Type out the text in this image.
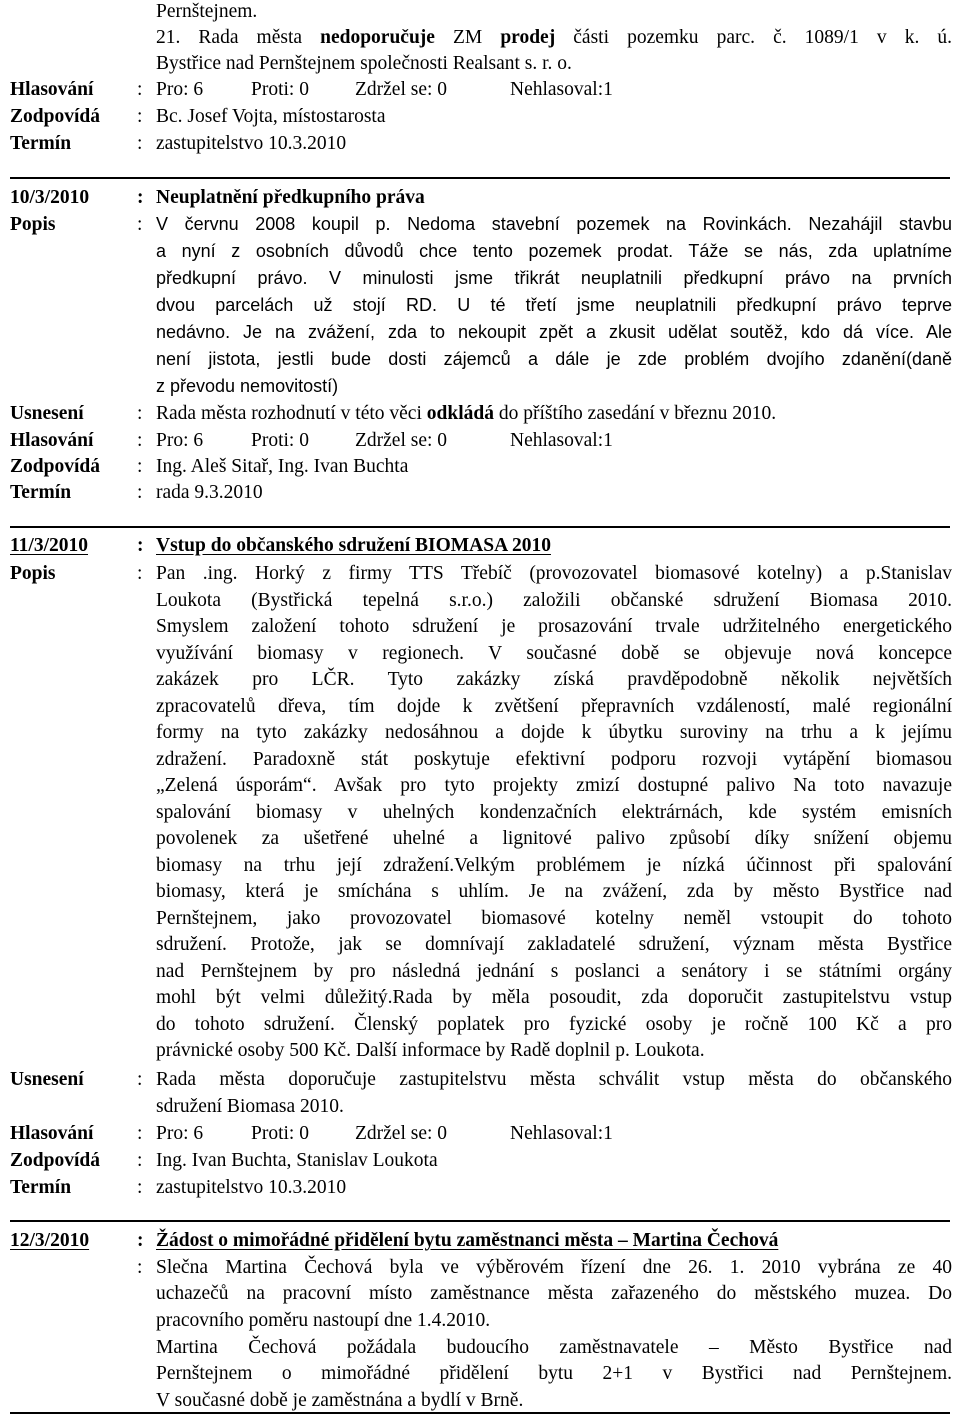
Pernštejnem.
21. Rada města nedoporučuje ZM prodej části pozemku parc. č. 1089/1 v k. ú.
Bystřice nad Pernštejnem společnosti Realsant s. r. o.
Hlasování : Pro: 6 Proti: 0 Zdržel se: 0	Nehlasoval:1
Zodpovídá : Bc. Josef Vojta, místostarosta
Termín	: zastupitelstvo 10.3.2010
10/3/2010 : Neuplatnění předkupního práva
Popis	: V červnu 2008 koupil p. Nedoma stavební pozemek na Rovinkách. Nezahájil stavbu
a nyní z osobních důvodů chce tento pozemek prodat. Táže se nás, zda uplatníme
předkupní právo. V minulosti jsme třikrát neuplatnili předkupní právo na prvních
dvou parcelách už stojí RD. U té třetí jsme neuplatnili předkupní právo teprve
nedávno. Je na zvážení, zda to nekoupit zpět a zkusit udělat soutěž, kdo dá více. Ale
není jistota, jestli bude dosti zájemců a dále je zde problém dvojího zdanění(daně
z převodu nemovitostí)
Usnesení	: Rada města rozhodnutí v této věci odkládá do příštího zasedání v březnu 2010.
Hlasování : Pro: 6 Proti: 0 Zdržel se: 0	Nehlasoval:1
Zodpovídá : Ing. Aleš Sitař, Ing. Ivan Buchta
Termín	: rada 9.3.2010
11/3/2010	: Vstup do občanského sdružení BIOMASA 2010
Popis	: Pan .ing. Horký z firmy TTS Třebíč (provozovatel biomasové kotelny) a p.Stanislav
Loukota (Bystřická tepelná s.r.o.) založili občanské sdružení Biomasa 2010.
Smyslem založení tohoto sdružení je prosazování trvale udržitelného energetického
využívání biomasy v regionech. V současné době se objevuje nová koncepce
zakázek pro LČR. Tyto zakázky získá pravděpodobně několik největších
zpracovatelů dřeva, tím dojde k zvětšení přepravních vzdáleností, malé regionální
formy na tyto zakázky nedosáhnou a dojde k úbytku suroviny na trhu a k jejímu
zdražení. Paradoxně stát poskytuje efektivní podporu rozvoji vytápění biomasou
„Zelená úsporám“. Avšak pro tyto projekty zmizí dostupné palivo Na toto navazuje
spalování biomasy v uhelných kondenzačních elektrárnách, kde systém emisních
povolenek za ušetřené uhelné a lignitové palivo způsobí díky snížení objemu
biomasy na trhu její zdražení.Velkým problémem je nízká účinnost při spalování
biomasy, která je smíchána s uhlím. Je na zvážení, zda by město Bystřice nad
Pernštejnem, jako provozovatel biomasové kotelny neměl vstoupit do tohoto
sdružení. Protože, jak se domnívají zakladatelé sdružení, význam města Bystřice
nad Pernštejnem by pro následná jednání s poslanci a senátory i se státními orgány
mohl být velmi důležitý.Rada by měla posoudit, zda doporučit zastupitelstvu vstup
do tohoto sdružení. Členský poplatek pro fyzické osoby je ročně 100 Kč a pro
právnické osoby 500 Kč. Další informace by Radě doplnil p. Loukota.
Usnesení	: Rada města doporučuje zastupitelstvu města schválit vstup města do občanského
sdružení Biomasa 2010.
Hlasování : Pro: 6 Proti: 0 Zdržel se: 0	Nehlasoval:1
Zodpovídá : Ing. Ivan Buchta, Stanislav Loukota
Termín	: zastupitelstvo 10.3.2010
12/3/2010 : Žádost o mimořádné přidělení bytu zaměstnanci města – Martina Čechová
: Slečna Martina Čechová byla ve výběrovém řízení dne 26. 1. 2010 vybrána ze 40
uchazečů na pracovní místo zaměstnance města zařazeného do městského muzea. Do
pracovního poměru nastoupí dne 1.4.2010.
Martina Čechová požádala budoucího zaměstnavatele – Město Bystřice nad
Pernštejnem o mimořádné přidělení bytu 2+1 v Bystřici nad Pernštejnem.
V současné době je zaměstnána a bydlí v Brně.
